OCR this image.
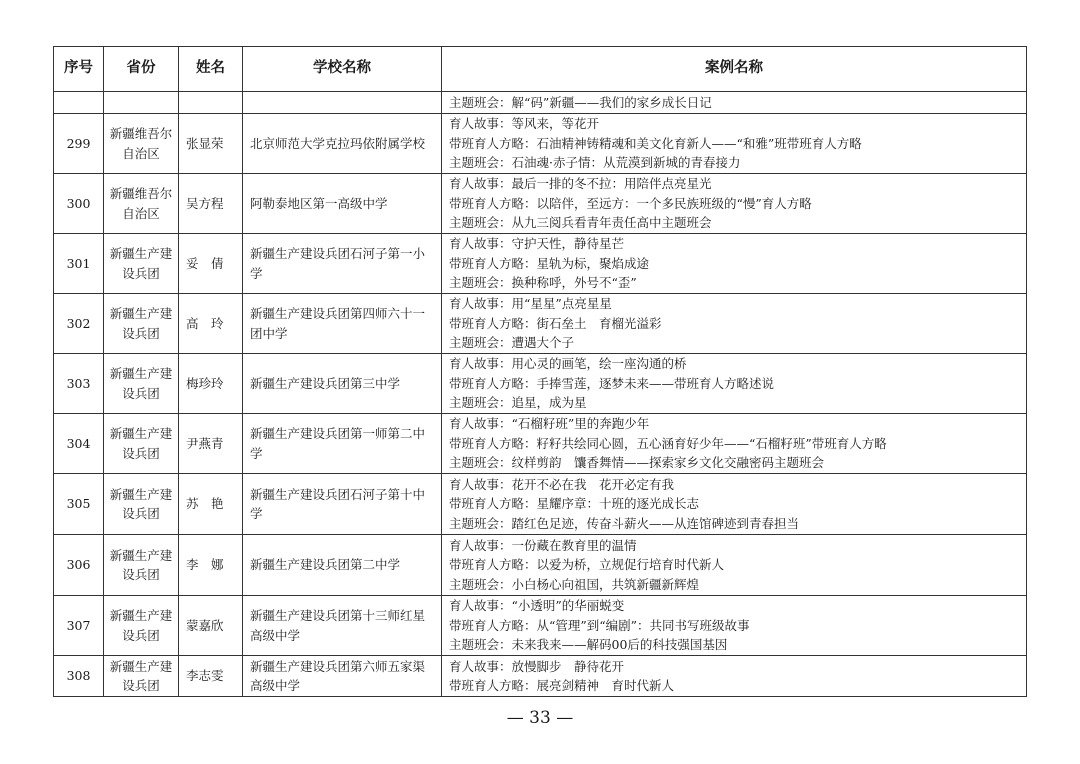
序号	省份	姓名	学校名称	案例名称

				主题班会：解“码”新疆——我们的家乡成长日记

299	新疆维吾尔自治区	张显荣	北京师范大学克拉玛依附属学校	育人故事：等风来，等花开
带班育人方略：石油精神铸精魂和美文化育新人——“和雅”班带班育人方略
主题班会：石油魂·赤子情：从荒漠到新城的青春接力

300	新疆维吾尔自治区	吴方程	阿勒泰地区第一高级中学	育人故事：最后一排的冬不拉：用陪伴点亮星光
带班育人方略：以陪伴，至远方：一个多民族班级的“慢”育人方略
主题班会：从九三阅兵看青年责任高中主题班会

301	新疆生产建设兵团	妥　倩	新疆生产建设兵团石河子第一小学	育人故事：守护天性，静待星芒
带班育人方略：星轨为标，聚焰成途
主题班会：换种称呼，外号不“歪”

302	新疆生产建设兵团	高　玲	新疆生产建设兵团第四师六十一团中学	育人故事：用“星星”点亮星星
带班育人方略：街石垒土　育榴光溢彩
主题班会：遭遇大个子

303	新疆生产建设兵团	梅珍玲	新疆生产建设兵团第三中学	育人故事：用心灵的画笔，绘一座沟通的桥
带班育人方略：手捧雪莲，逐梦未来——带班育人方略述说
主题班会：追星，成为星

304	新疆生产建设兵团	尹燕青	新疆生产建设兵团第一师第二中学	育人故事：“石榴籽班”里的奔跑少年
带班育人方略：籽籽共绘同心圆，五心涵育好少年——“石榴籽班”带班育人方略
主题班会：纹样剪韵　馕香舞情——探索家乡文化交融密码主题班会

305	新疆生产建设兵团	苏　艳	新疆生产建设兵团石河子第十中学	育人故事：花开不必在我　花开必定有我
带班育人方略：星耀序章：十班的逐光成长志
主题班会：踏红色足迹，传奋斗薪火——从连馆碑迹到青春担当

306	新疆生产建设兵团	李　娜	新疆生产建设兵团第二中学	育人故事：一份藏在教育里的温情
带班育人方略：以爱为桥，立规促行培育时代新人
主题班会：小白杨心向祖国，共筑新疆新辉煌

307	新疆生产建设兵团	蒙嘉欣	新疆生产建设兵团第十三师红星高级中学	育人故事：“小透明”的华丽蜕变
带班育人方略：从“管理”到“编剧”：共同书写班级故事
主题班会：未来我来——解码00后的科技强国基因

308	新疆生产建设兵团	李志雯	新疆生产建设兵团第六师五家渠高级中学	育人故事：放慢脚步　静待花开
带班育人方略：展亮剑精神　育时代新人
— 33 —
